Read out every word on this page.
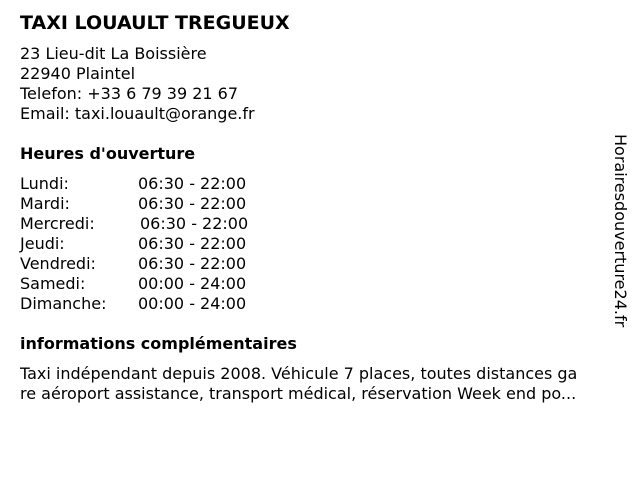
TAXI LOUAULT TREGUEUX
23 Lieu-dit La Boissière
22940 Plaintel
Telefon: +33 6 79 39 21 67
Email: taxi.louault@orange.fr
Heures d'ouverture
Lundi:	06:30 - 22:00
Mardi:	06:30 - 22:00
Mercredi:	06:30 - 22:00
Jeudi:	06:30 - 22:00
Vendredi:	06:30 - 22:00
Samedi:	00:00 - 24:00
Dimanche: 00:00 - 24:00
informations complémentaires
Taxi indépendant depuis 2008. Véhicule 7 places, toutes distances ga
re aéroport assistance, transport médical, réservation Week end po...
Horairesdouverture24.fr
